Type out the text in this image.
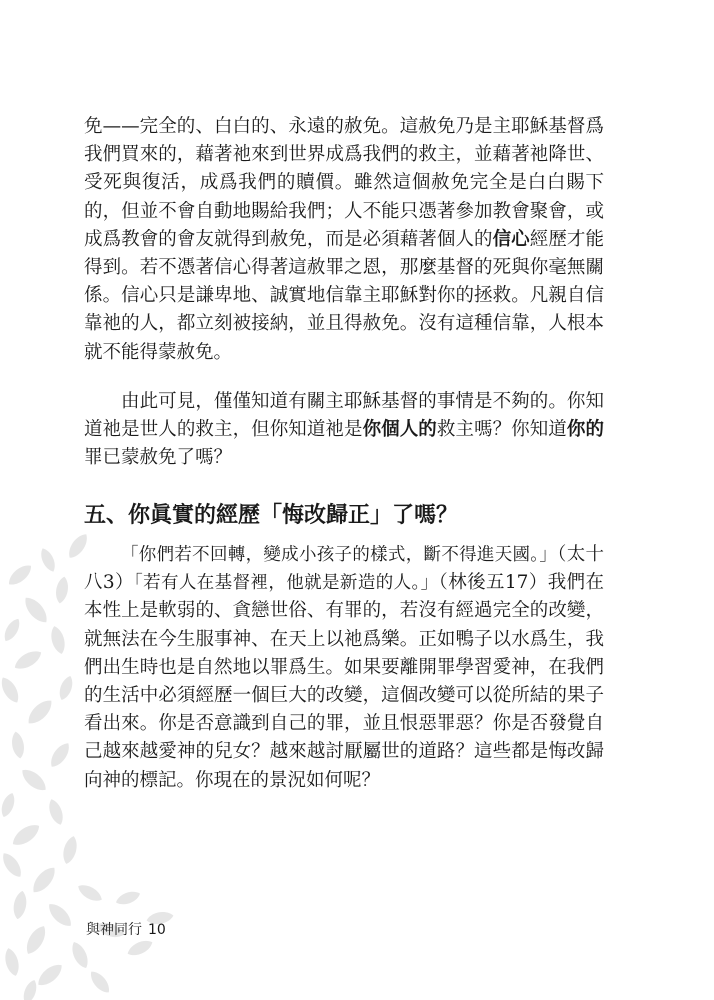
免——完全的、白白的、永遠的赦免。這赦免乃是主耶穌基督爲我們買來的，藉著祂來到世界成爲我們的救主，並藉著祂降世、受死與復活，成爲我們的贖價。雖然這個赦免完全是白白賜下的，但並不會自動地賜給我們；人不能只憑著參加教會聚會，或成爲教會的會友就得到赦免，而是必須藉著個人的信心經歷才能得到。若不憑著信心得著這赦罪之恩，那麼基督的死與你毫無關係。信心只是謙卑地、誠實地信靠主耶穌對你的拯救。凡親自信靠祂的人，都立刻被接納，並且得赦免。沒有這種信靠，人根本就不能得蒙赦免。

由此可見，僅僅知道有關主耶穌基督的事情是不夠的。你知道祂是世人的救主，但你知道祂是你個人的救主嗎？你知道你的罪已蒙赦免了嗎？

五、你眞實的經歷「悔改歸正」了嗎？

「你們若不回轉，變成小孩子的樣式，斷不得進天國。」（太十八3）「若有人在基督裡，他就是新造的人。」（林後五17）我們在本性上是軟弱的、貪戀世俗、有罪的，若沒有經過完全的改變，就無法在今生服事神、在天上以祂爲樂。正如鴨子以水爲生，我們出生時也是自然地以罪爲生。如果要離開罪學習愛神，在我們的生活中必須經歷一個巨大的改變，這個改變可以從所結的果子看出來。你是否意識到自己的罪，並且恨惡罪惡？你是否發覺自己越來越愛神的兒女？越來越討厭屬世的道路？這些都是悔改歸向神的標記。你現在的景況如何呢？

與神同行 10
